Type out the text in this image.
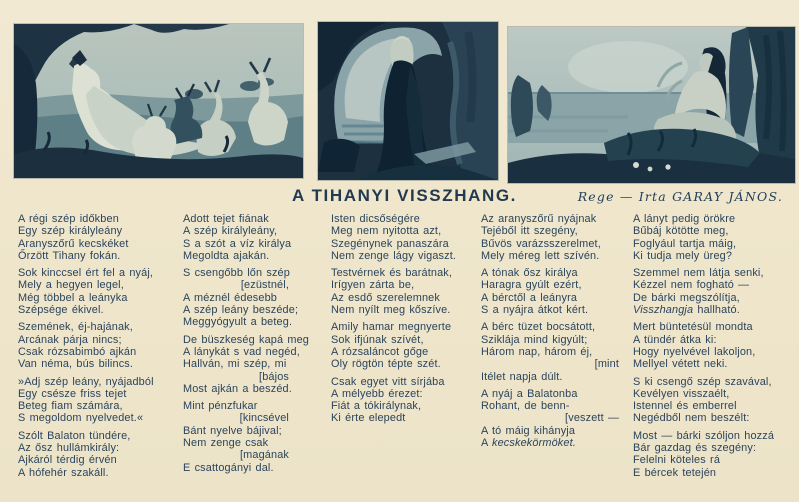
A TIHANYI VISSZHANG.	Rege — Irta GARAY JÁNOS.
A régi szép időkben
Egy szép királyleány
Aranyszőrű kecskéket
Őrzött Tihany fokán.
Sok kinccsel ért fel a nyáj,
Mely a hegyen legel,
Még többel a leányka
Szépsége ékivel.
Szemének, éj-hajának,
Arcának párja nincs;
Csak rózsabimbó ajkán
Van néma, bús bilincs.
»Adj szép leány, nyájadból
Egy csésze friss tejet
Beteg fiam számára,
S megoldom nyelvedet.«
Szólt Balaton tündére,
Az ősz hullámkirály:
Ajkáról térdig érvén
A hófehér szakáll.
Adott tejet fiának
A szép királyleány,
S a szót a víz királya
Megoldta ajakán.
S csengőbb lőn szép
[ezüstnél,
A méznél édesebb
A szép leány beszéde;
Meggyógyult a beteg.
De büszkeség kapá meg
A lánykát s vad negéd,
Hallván, mi szép, mi
[bájos
Most ajkán a beszéd.
Mint pénzfukar
[kincsével
Bánt nyelve bájival;
Nem zenge csak
[magának
E csattogányi dal.
Isten dicsőségére
Meg nem nyitotta azt,
Szegénynek panaszára
Nem zenge lágy vigaszt.
Testvérnek és barátnak,
Irígyen zárta be,
Az esdő szerelemnek
Nem nyílt meg kőszíve.
Amily hamar megnyerte
Sok ifjúnak szívét,
A rózsaláncot gőge
Oly rögtön tépte szét.
Csak egyet vitt sírjába
A mélyebb érezet:
Fiát a tókirálynak,
Ki érte elepedt
Az aranyszőrű nyájnak
Tejéből itt szegény,
Bűvös varázsszerelmet,
Mely méreg lett szívén.
A tónak ősz királya
Haragra gyúlt ezért,
A bérctől a leányra
S a nyájra átkot kért.
A bérc tüzet bocsátott,
Sziklája mind kigyúlt;
Három nap, három éj,
[mint
Itélet napja dúlt.
A nyáj a Balatonba
Rohant, de benn-
[veszett —
A tó máig kihányja
A kecskekörmöket.
A lányt pedig örökre
Bűbáj kötötte meg,
Foglyául tartja máig,
Ki tudja mely üreg?
Szemmel nem látja senki,
Kézzel nem fogható —
De bárki megszólítja,
Visszhangja hallható.
Mert büntetésül mondta
A tündér átka ki:
Hogy nyelvével lakoljon,
Mellyel vétett neki.
S ki csengő szép szavával,
Kevélyen visszaélt,
Istennel és emberrel
Negédből nem beszélt:
Most — bárki szóljon hozzá
Bár gazdag és szegény:
Felelni köteles rá
E bércek tetején
